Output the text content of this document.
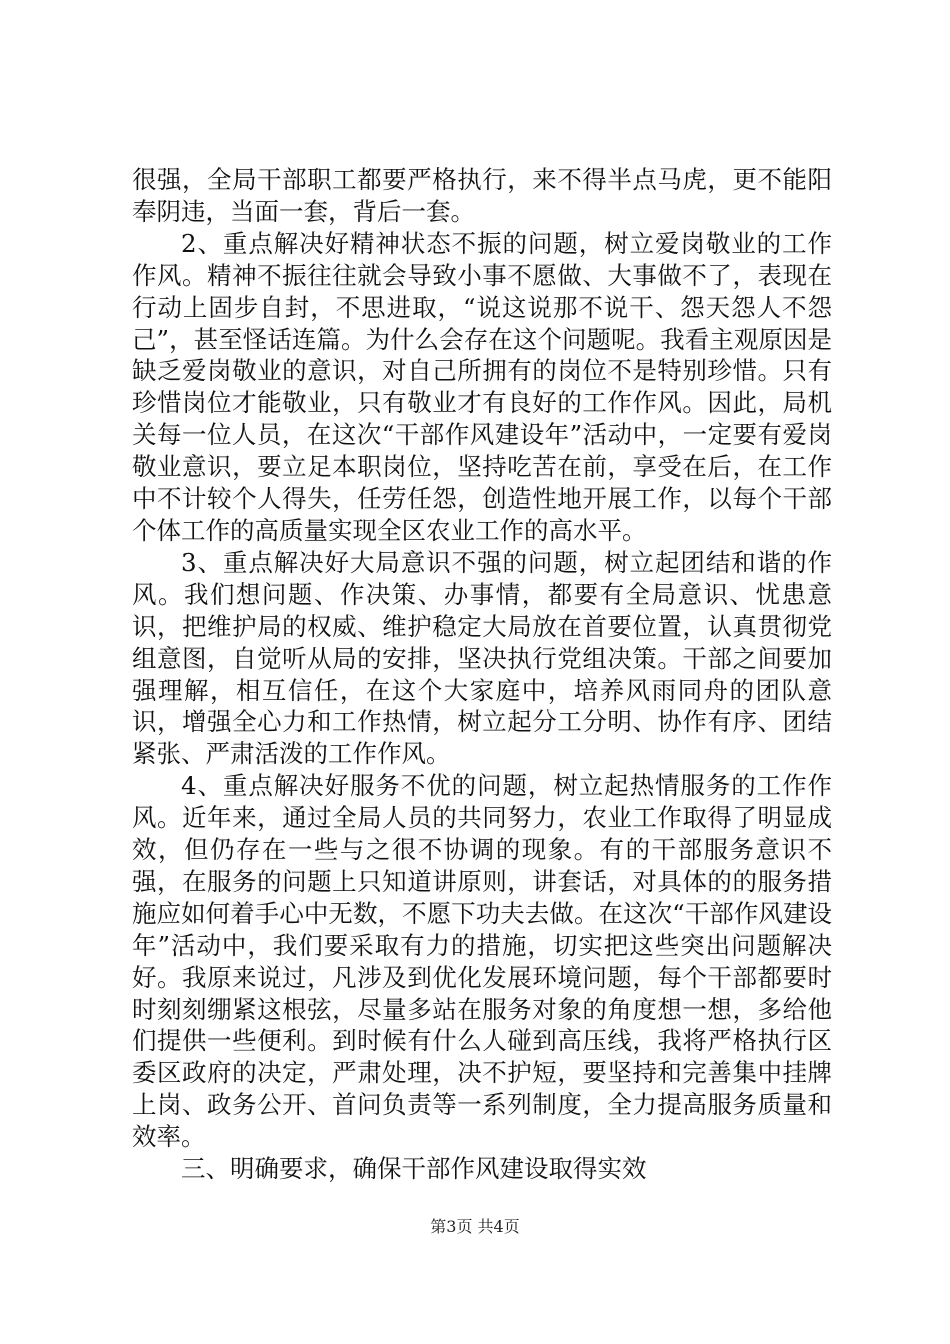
很强，全局干部职工都要严格执行，来不得半点马虎，更不能阳奉阴违，当面一套，背后一套。

2、重点解决好精神状态不振的问题，树立爱岗敬业的工作作风。精神不振往往就会导致小事不愿做、大事做不了，表现在行动上固步自封，不思进取，“说这说那不说干、怨天怨人不怨己”，甚至怪话连篇。为什么会存在这个问题呢。我看主观原因是缺乏爱岗敬业的意识，对自己所拥有的岗位不是特别珍惜。只有珍惜岗位才能敬业，只有敬业才有良好的工作作风。因此，局机关每一位人员，在这次“干部作风建设年”活动中，一定要有爱岗敬业意识，要立足本职岗位，坚持吃苦在前，享受在后，在工作中不计较个人得失，任劳任怨，创造性地开展工作，以每个干部个体工作的高质量实现全区农业工作的高水平。

3、重点解决好大局意识不强的问题，树立起团结和谐的作风。我们想问题、作决策、办事情，都要有全局意识、忧患意识，把维护局的权威、维护稳定大局放在首要位置，认真贯彻党组意图，自觉听从局的安排，坚决执行党组决策。干部之间要加强理解，相互信任，在这个大家庭中，培养风雨同舟的团队意识，增强全心力和工作热情，树立起分工分明、协作有序、团结紧张、严肃活泼的工作作风。

4、重点解决好服务不优的问题，树立起热情服务的工作作风。近年来，通过全局人员的共同努力，农业工作取得了明显成效，但仍存在一些与之很不协调的现象。有的干部服务意识不强，在服务的问题上只知道讲原则，讲套话，对具体的的服务措施应如何着手心中无数，不愿下功夫去做。在这次“干部作风建设年”活动中，我们要采取有力的措施，切实把这些突出问题解决好。我原来说过，凡涉及到优化发展环境问题，每个干部都要时时刻刻绷紧这根弦，尽量多站在服务对象的角度想一想，多给他们提供一些便利。到时候有什么人碰到高压线，我将严格执行区委区政府的决定，严肃处理，决不护短，要坚持和完善集中挂牌上岗、政务公开、首问负责等一系列制度，全力提高服务质量和效率。

三、明确要求，确保干部作风建设取得实效

第3页 共4页
